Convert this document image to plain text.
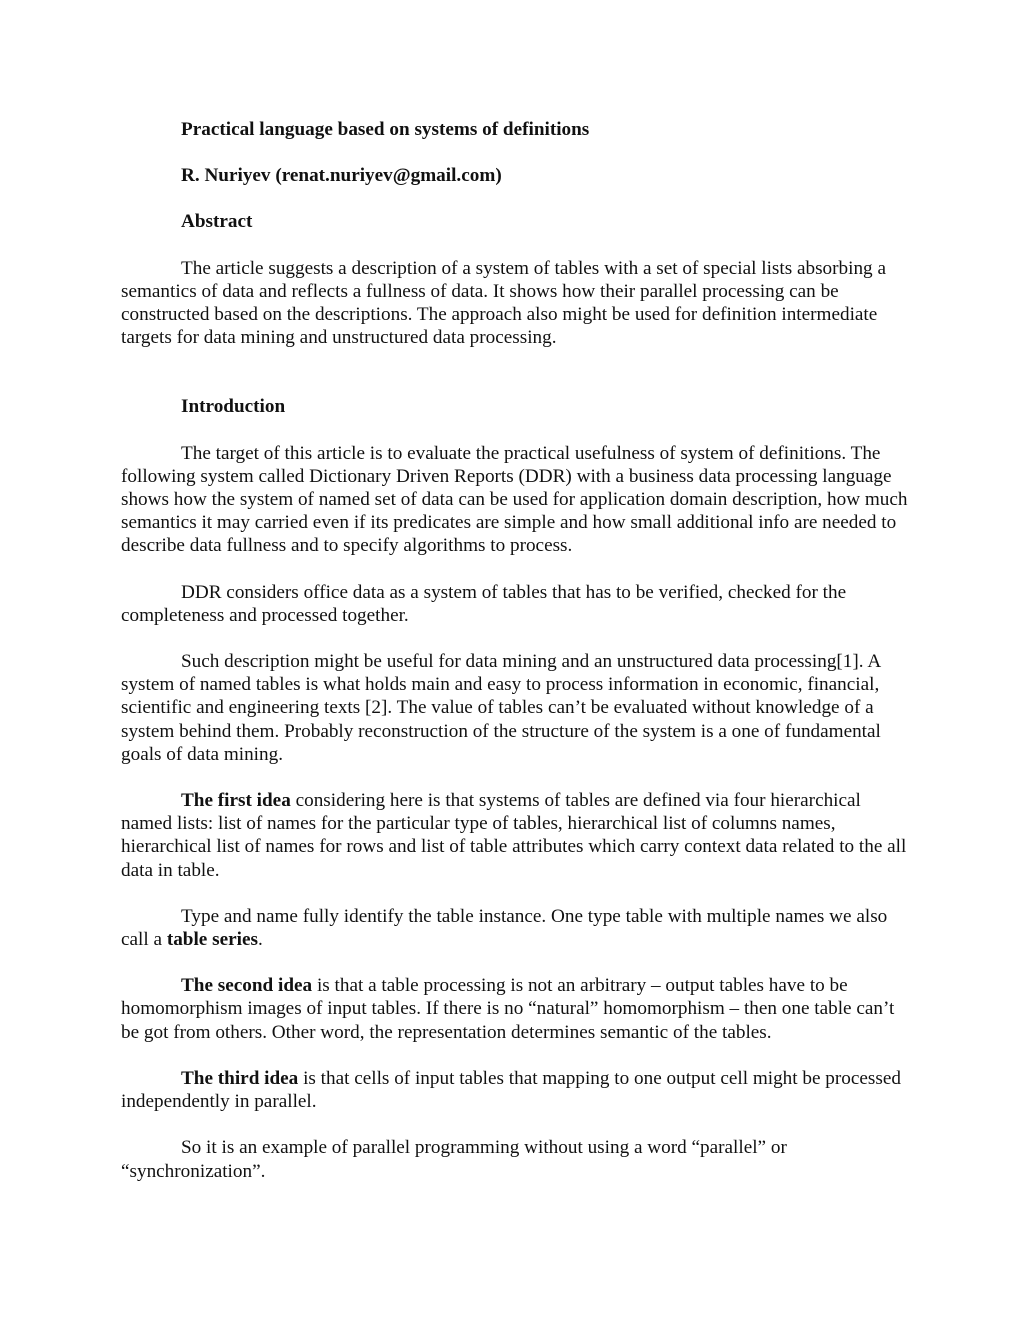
Practical language based on systems of definitions

R. Nuriyev (renat.nuriyev@gmail.com)

Abstract

The article suggests a description of a system of tables with a set of special lists absorbing a semantics of data and reflects a fullness of data. It shows how their parallel processing can be constructed based on the descriptions. The approach also might be used for definition intermediate targets for data mining and unstructured data processing.

Introduction

The target of this article is to evaluate the practical usefulness of system of definitions. The following system called Dictionary Driven Reports (DDR) with a business data processing language shows how the system of named set of data can be used for application domain description, how much semantics it may carried even if its predicates are simple and how small additional info are needed to describe data fullness and to specify algorithms to process.

DDR considers office data as a system of tables that has to be verified, checked for the completeness and processed together.

Such description might be useful for data mining and an unstructured data processing[1]. A system of named tables is what holds main and easy to process information in economic, financial, scientific and engineering texts [2]. The value of tables can’t be evaluated without knowledge of a system behind them. Probably reconstruction of the structure of the system is a one of fundamental goals of data mining.

The first idea considering here is that systems of tables are defined via four hierarchical named lists: list of names for the particular type of tables, hierarchical list of columns names, hierarchical list of names for rows and list of table attributes which carry context data related to the all data in table.

Type and name fully identify the table instance. One type table with multiple names we also call a table series.

The second idea is that a table processing is not an arbitrary – output tables have to be homomorphism images of input tables. If there is no “natural” homomorphism – then one table can’t be got from others. Other word, the representation determines semantic of the tables.

The third idea is that cells of input tables that mapping to one output cell might be processed independently in parallel.

So it is an example of parallel programming without using a word “parallel” or “synchronization”.
